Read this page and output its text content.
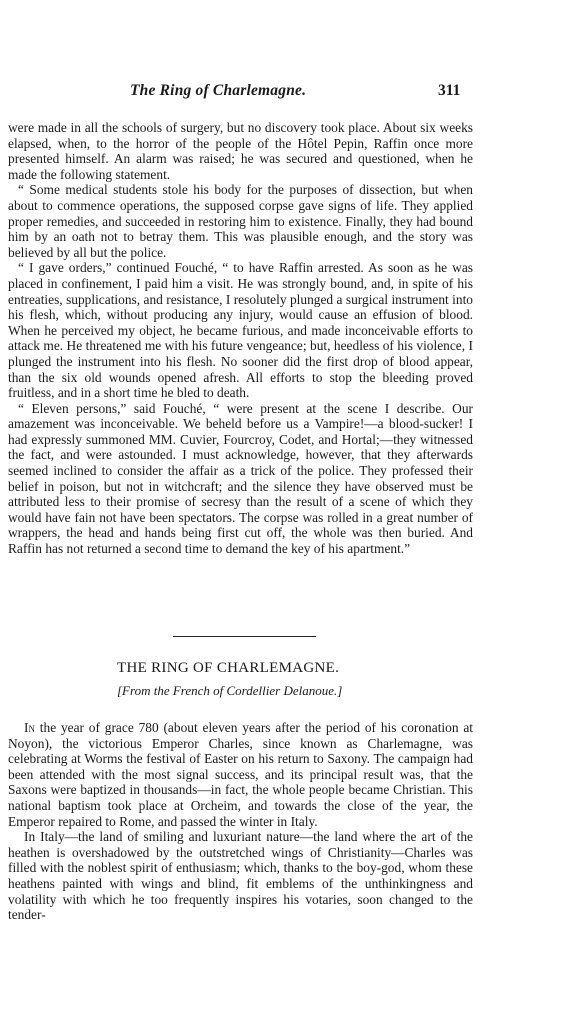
The Ring of Charlemagne.	311

were made in all the schools of surgery, but no discovery took place. About six weeks elapsed, when, to the horror of the people of the Hôtel Pepin, Raffin once more presented himself. An alarm was raised; he was secured and questioned, when he made the following statement.

“ Some medical students stole his body for the purposes of dissection, but when about to commence operations, the supposed corpse gave signs of life. They applied proper remedies, and succeeded in restoring him to existence. Finally, they had bound him by an oath not to betray them. This was plausible enough, and the story was believed by all but the police.

“ I gave orders,” continued Fouché, “ to have Raffin arrested. As soon as he was placed in confinement, I paid him a visit. He was strongly bound, and, in spite of his entreaties, supplications, and resistance, I resolutely plunged a surgical instrument into his flesh, which, without producing any injury, would cause an effusion of blood. When he perceived my object, he became furious, and made inconceivable efforts to attack me. He threatened me with his future vengeance; but, heedless of his violence, I plunged the instrument into his flesh. No sooner did the first drop of blood appear, than the six old wounds opened afresh. All efforts to stop the bleeding proved fruitless, and in a short time he bled to death.

“ Eleven persons,” said Fouché, “ were present at the scene I describe. Our amazement was inconceivable. We beheld before us a Vampire!—a blood-sucker! I had expressly summoned MM. Cuvier, Fourcroy, Codet, and Hortal;—they witnessed the fact, and were astounded. I must acknowledge, however, that they afterwards seemed inclined to consider the affair as a trick of the police. They professed their belief in poison, but not in witchcraft; and the silence they have observed must be attributed less to their promise of secresy than the result of a scene of which they would have fain not have been spectators. The corpse was rolled in a great number of wrappers, the head and hands being first cut off, the whole was then buried. And Raffin has not returned a second time to demand the key of his apartment.”

THE RING OF CHARLEMAGNE.
[From the French of Cordellier Delanoue.]

In the year of grace 780 (about eleven years after the period of his coronation at Noyon), the victorious Emperor Charles, since known as Charlemagne, was celebrating at Worms the festival of Easter on his return to Saxony. The campaign had been attended with the most signal success, and its principal result was, that the Saxons were baptized in thousands—in fact, the whole people became Christian. This national baptism took place at Orcheim, and towards the close of the year, the Emperor repaired to Rome, and passed the winter in Italy.

In Italy—the land of smiling and luxuriant nature—the land where the art of the heathen is overshadowed by the outstretched wings of Christianity—Charles was filled with the noblest spirit of enthusiasm; which, thanks to the boy-god, whom these heathens painted with wings and blind, fit emblems of the unthinkingness and volatility with which he too frequently inspires his votaries, soon changed to the tender-
